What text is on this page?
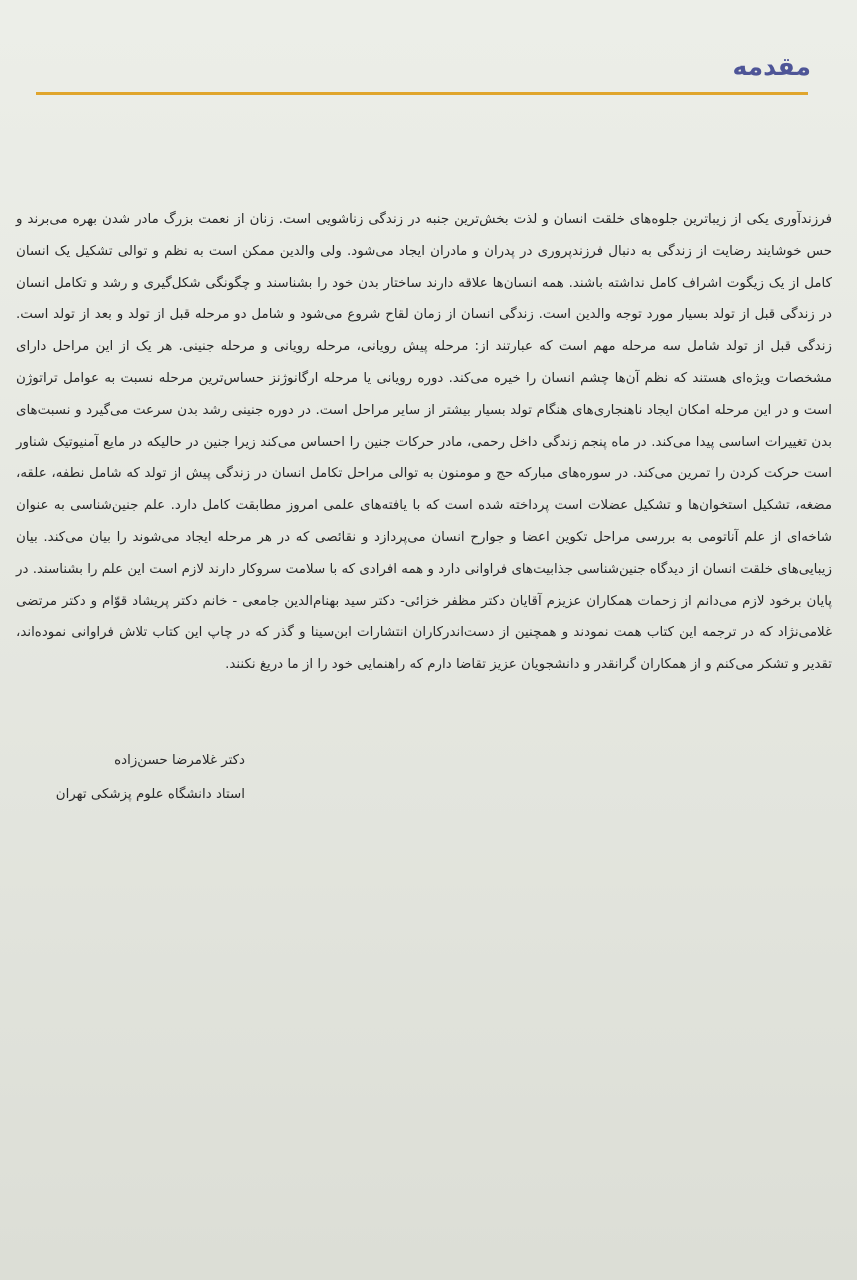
مقدمه

فرزندآوری یکی از زیباترین جلوه‌های خلقت انسان و لذت بخش‌ترین جنبه در زندگی زناشویی است. زنان از نعمت بزرگ مادر شدن بهره می‌برند و حس خوشایند رضایت از زندگی به دنبال فرزندپروری در پدران و مادران ایجاد می‌شود. ولی والدین ممکن است به نظم و توالی تشکیل یک انسان کامل از یک زیگوت اشراف کامل نداشته باشند. همه انسان‌ها علاقه دارند ساختار بدن خود را بشناسند و چگونگی شکل‌گیری و رشد و تکامل انسان در زندگی قبل از تولد بسیار مورد توجه والدین است. زندگی انسان از زمان لقاح شروع می‌شود و شامل دو مرحله قبل از تولد و بعد از تولد است. زندگی قبل از تولد شامل سه مرحله مهم است که عبارتند از: مرحله پیش رویانی، مرحله رویانی و مرحله جنینی. هر یک از این مراحل دارای مشخصات ویژه‌ای هستند که نظم آن‌ها چشم انسان را خیره می‌کند. دوره رویانی یا مرحله ارگانوژنز حساس‌ترین مرحله نسبت به عوامل تراتوژن است و در این مرحله امکان ایجاد ناهنجاری‌های هنگام تولد بسیار بیشتر از سایر مراحل است. در دوره جنینی رشد بدن سرعت می‌گیرد و نسبت‌های بدن تغییرات اساسی پیدا می‌کند. در ماه پنجم زندگی داخل رحمی، مادر حرکات جنین را احساس می‌کند زیرا جنین در حالیکه در مایع آمنیوتیک شناور است حرکت کردن را تمرین می‌کند. در سوره‌های مبارکه حج و مومنون به توالی مراحل تکامل انسان در زندگی پیش از تولد که شامل نطفه، علقه، مضغه، تشکیل استخوان‌ها و تشکیل عضلات است پرداخته شده است که با یافته‌های علمی امروز مطابقت کامل دارد. علم جنین‌شناسی به عنوان شاخه‌ای از علم آناتومی به بررسی مراحل تکوین اعضا و جوارح انسان می‌پردازد و نقائصی که در هر مرحله ایجاد می‌شوند را بیان می‌کند. بیان زیبایی‌های خلقت انسان از دیدگاه جنین‌شناسی جذابیت‌های فراوانی دارد و همه افرادی که با سلامت سروکار دارند لازم است این علم را بشناسند. در پایان برخود لازم می‌دانم از زحمات همکاران عزیزم آقایان دکتر مظفر خزائی- دکتر سید بهنام‌الدین جامعی - خانم دکتر پریشاد قوّام و دکتر مرتضی غلامی‌نژاد که در ترجمه این کتاب همت نمودند و همچنین از دست‌اندرکاران انتشارات ابن‌سینا و گذر که در چاپ این کتاب تلاش فراوانی نموده‌اند، تقدیر و تشکر می‌کنم و از همکاران گرانقدر و دانشجویان عزیز تقاضا دارم که راهنمایی خود را از ما دریغ نکنند.

دکتر غلامرضا حسن‌زاده
استاد دانشگاه علوم پزشکی تهران
